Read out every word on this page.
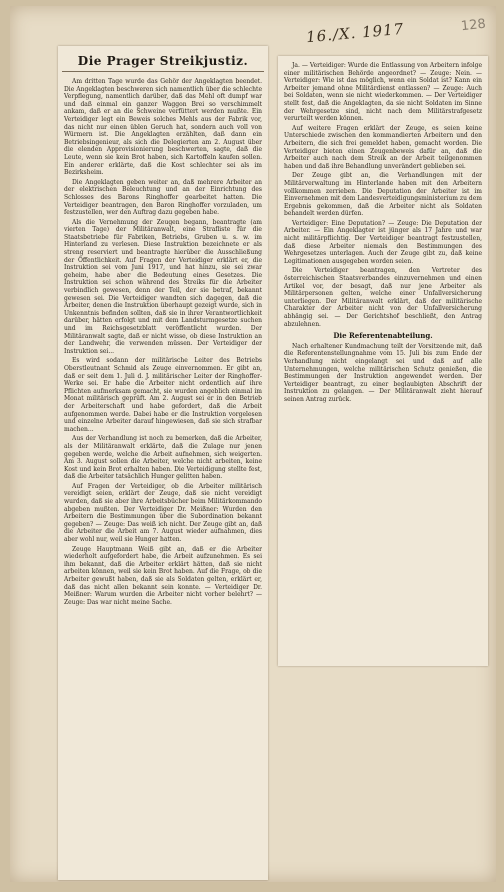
128
16./X. 1917
Die Prager Streikjustiz.

Am dritten Tage wurde das Gehör der Angeklagten beendet. Die Angeklagten beschweren sich namentlich über die schlechte Verpflegung, namentlich darüber, daß das Mehl oft dumpf war und daß einmal ein ganzer Waggon Brei so verschimmelt ankam, daß er an die Schweine verfüttert werden mußte. Ein Verteidiger legt ein Beweis solches Mehls aus der Fabrik vor, das nicht nur einen üblen Geruch hat, sondern auch voll von Würmern ist. Die Angeklagten erzählten, daß dann ein Betriebsingenieur, als sich die Delegierten am 2. August über die elenden Approvisionierung beschwerten, sagte, daß die Leute, wenn sie kein Brot haben, sich Kartoffeln kaufen sollen. Ein anderer erklärte, daß die Kost schlechter sei als im Bezirksheim.

Die Angeklagten geben weiter an, daß mehrere Arbeiter an der elektrischen Beleuchtung und an der Einrichtung des Schlosses des Barons Ringhoffer gearbeitet hatten. Die Verteidiger beantragen, den Baron Ringhoffer vorzuladen, um festzustellen, wer den Auftrag dazu gegeben habe.

Als die Vernehmung der Zeugen begann, beantragte (am vierten Tage) der Militäranwalt, eine Strafliste für die Staatsbetriebe für Fabriken, Betriebs, Gruben u. s. w. im Hinterland zu verlesen. Diese Instruktion bezeichnete er als streng reserviert und beantragte hierüber die Ausschließung der Öffentlichkeit. Auf Fragen der Verteidiger erklärt er, die Instruktion sei vom Juni 1917, und hat hinzu, sie sei zwar geheim, habe aber die Bedeutung eines Gesetzes. Die Instruktion sei schon während des Streiks für die Arbeiter verbindlich gewesen, denn der Teil, der sie betraf, bekannt gewesen sei. Die Verteidiger wandten sich dagegen, daß die Arbeiter, denen die Instruktion überhaupt gezeigt wurde, sich in Unkenntnis befinden sollten, daß sie in ihrer Verantwortlichkeit darüber, hätten erfolgt und mit dem Landsturmgesetze suchen und im Reichsgesetzblatt veröffentlicht wurden. Der Militäranwalt sagte, daß er nicht wisse, ob diese Instruktion an der Landwehr, die verwenden müssen. Der Verteidiger der Instruktion sei...

Es wird sodann der militärische Leiter des Betriebs Oberstleutnant Schmid als Zeuge einvernommen. Er gibt an, daß er seit dem 1. Juli d. J. militärischer Leiter der Ringhoffer-Werke sei. Er habe die Arbeiter nicht ordentlich auf ihre Pflichten aufmerksam gemacht, sie wurden angeblich einmal im Monat militärisch geprüft. Am 2. August sei er in den Betrieb der Arbeiterschaft und habe gefordert, daß die Arbeit aufgenommen werde. Dabei habe er die Instruktion vorgelesen und einzelne Arbeiter darauf hingewiesen, daß sie sich strafbar machen...

Aus der Verhandlung ist noch zu bemerken, daß die Arbeiter, als der Militäranwalt erklärte, daß die Zulage nur jenen gegeben werde, welche die Arbeit aufnehmen, sich weigerten. Am 3. August sollen die Arbeiter, welche nicht arbeiten, keine Kost und kein Brot erhalten haben. Die Verteidigung stellte fest, daß die Arbeiter tatsächlich Hunger gelitten haben.

Auf Fragen der Verteidiger, ob die Arbeiter militärisch vereidigt seien, erklärt der Zeuge, daß sie nicht vereidigt wurden, daß sie aber ihre Arbeitsbücher beim Militärkommando abgeben mußten. Der Verteidiger Dr. Meißner: Wurden den Arbeitern die Bestimmungen über die Subordination bekannt gegeben? — Zeuge: Das weiß ich nicht. Der Zeuge gibt an, daß die Arbeiter die Arbeit am 7. August wieder aufnahmen, dies aber wohl nur, weil sie Hunger hatten.

Zeuge Hauptmann Weiß gibt an, daß er die Arbeiter wiederholt aufgefordert habe, die Arbeit aufzunehmen. Es sei ihm bekannt, daß die Arbeiter erklärt hätten, daß sie nicht arbeiten können, weil sie kein Brot haben. Auf die Frage, ob die Arbeiter gewußt haben, daß sie als Soldaten gelten, erklärt er, daß das nicht allen bekannt sein konnte. — Verteidiger Dr. Meißner: Warum wurden die Arbeiter nicht vorher belehrt? — Zeuge: Das war nicht meine Sache.

Ja. — Verteidiger: Wurde die Entlassung von Arbeitern infolge einer militärischen Behörde angeordnet? — Zeuge: Nein. — Verteidiger: Wie ist das möglich, wenn ein Soldat ist? Kann ein Arbeiter jemand ohne Militärdienst entlassen? — Zeuge: Auch bei Soldaten, wenn sie nicht wiederkommen. — Der Verteidiger stellt fest, daß die Angeklagten, da sie nicht Soldaten im Sinne der Wehrgesetze sind, nicht nach dem Militärstrafgesetz verurteilt werden können.

Auf weitere Fragen erklärt der Zeuge, es seien keine Unterschiede zwischen den kommandierten Arbeitern und den Arbeitern, die sich frei gemeldet haben, gemacht worden. Die Verteidiger bieten einen Zeugenbeweis dafür an, daß die Arbeiter auch nach dem Streik an der Arbeit teilgenommen haben und daß ihre Behandlung unverändert geblieben sei.

Der Zeuge gibt an, die Verhandlungen mit der Militärverwaltung im Hinterlande haben mit den Arbeitern vollkommen zerrieben. Die Deputation der Arbeiter ist im Einvernehmen mit dem Landesverteidigungsministerium zu dem Ergebnis gekommen, daß die Arbeiter nicht als Soldaten behandelt werden dürfen.

Verteidiger: Eine Deputation? — Zeuge: Die Deputation der Arbeiter. — Ein Angeklagter ist jünger als 17 Jahre und war nicht militärpflichtig. Der Verteidiger beantragt festzustellen, daß diese Arbeiter niemals den Bestimmungen des Wehrgesetzes unterlagen. Auch der Zeuge gibt zu, daß keine Legitimationen ausgegeben worden seien.

Die Verteidiger beantragen, den Vertreter des österreichischen Staatsverbandes einzuvernehmen und einen Artikel vor, der besagt, daß nur jene Arbeiter als Militärpersonen gelten, welche einer Unfallversicherung unterliegen. Der Militäranwalt erklärt, daß der militärische Charakter der Arbeiter nicht von der Unfallversicherung abhängig sei. — Der Gerichtshof beschließt, den Antrag abzulehnen.

Die Referentenabteilung.

Nach erhaltener Kundmachung teilt der Vorsitzende mit, daß die Referentenstellungnahme vom 15. Juli bis zum Ende der Verhandlung nicht eingelangt sei und daß auf alle Unternehmungen, welche militärischen Schutz genießen, die Bestimmungen der Instruktion angewendet werden. Der Verteidiger beantragt, zu einer beglaubigten Abschrift der Instruktion zu gelangen. — Der Militäranwalt zieht hierauf seinen Antrag zurück.
